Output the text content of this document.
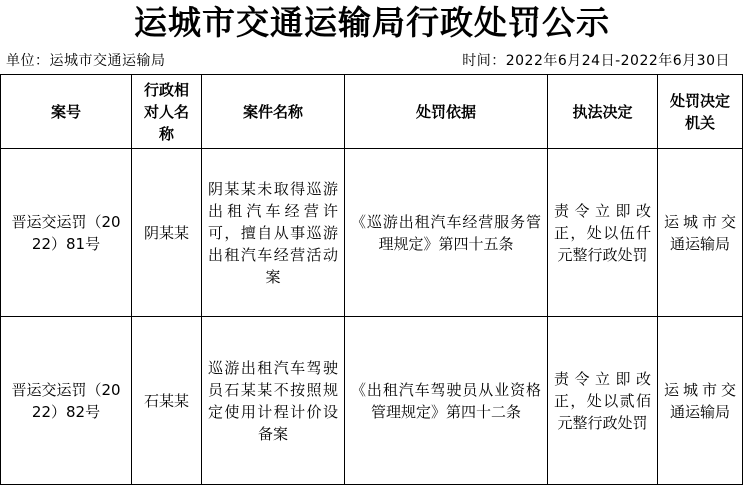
运城市交通运输局行政处罚公示
单位：运城市交通运输局	时间：2022年6月24日-2022年6月30日
案号	行政相对人名称	案件名称	处罚依据	执法决定	处罚决定机关
晋运交运罚（2022）81号	阴某某	阴某某未取得巡游出租汽车经营许可，擅自从事巡游出租汽车经营活动案	《巡游出租汽车经营服务管理规定》第四十五条	责令立即改正，处以伍仟元整行政处罚	运城市交通运输局
晋运交运罚（2022）82号	石某某	巡游出租汽车驾驶员石某某不按照规定使用计程计价设备案	《出租汽车驾驶员从业资格管理规定》第四十二条	责令立即改正，处以贰佰元整行政处罚	运城市交通运输局
